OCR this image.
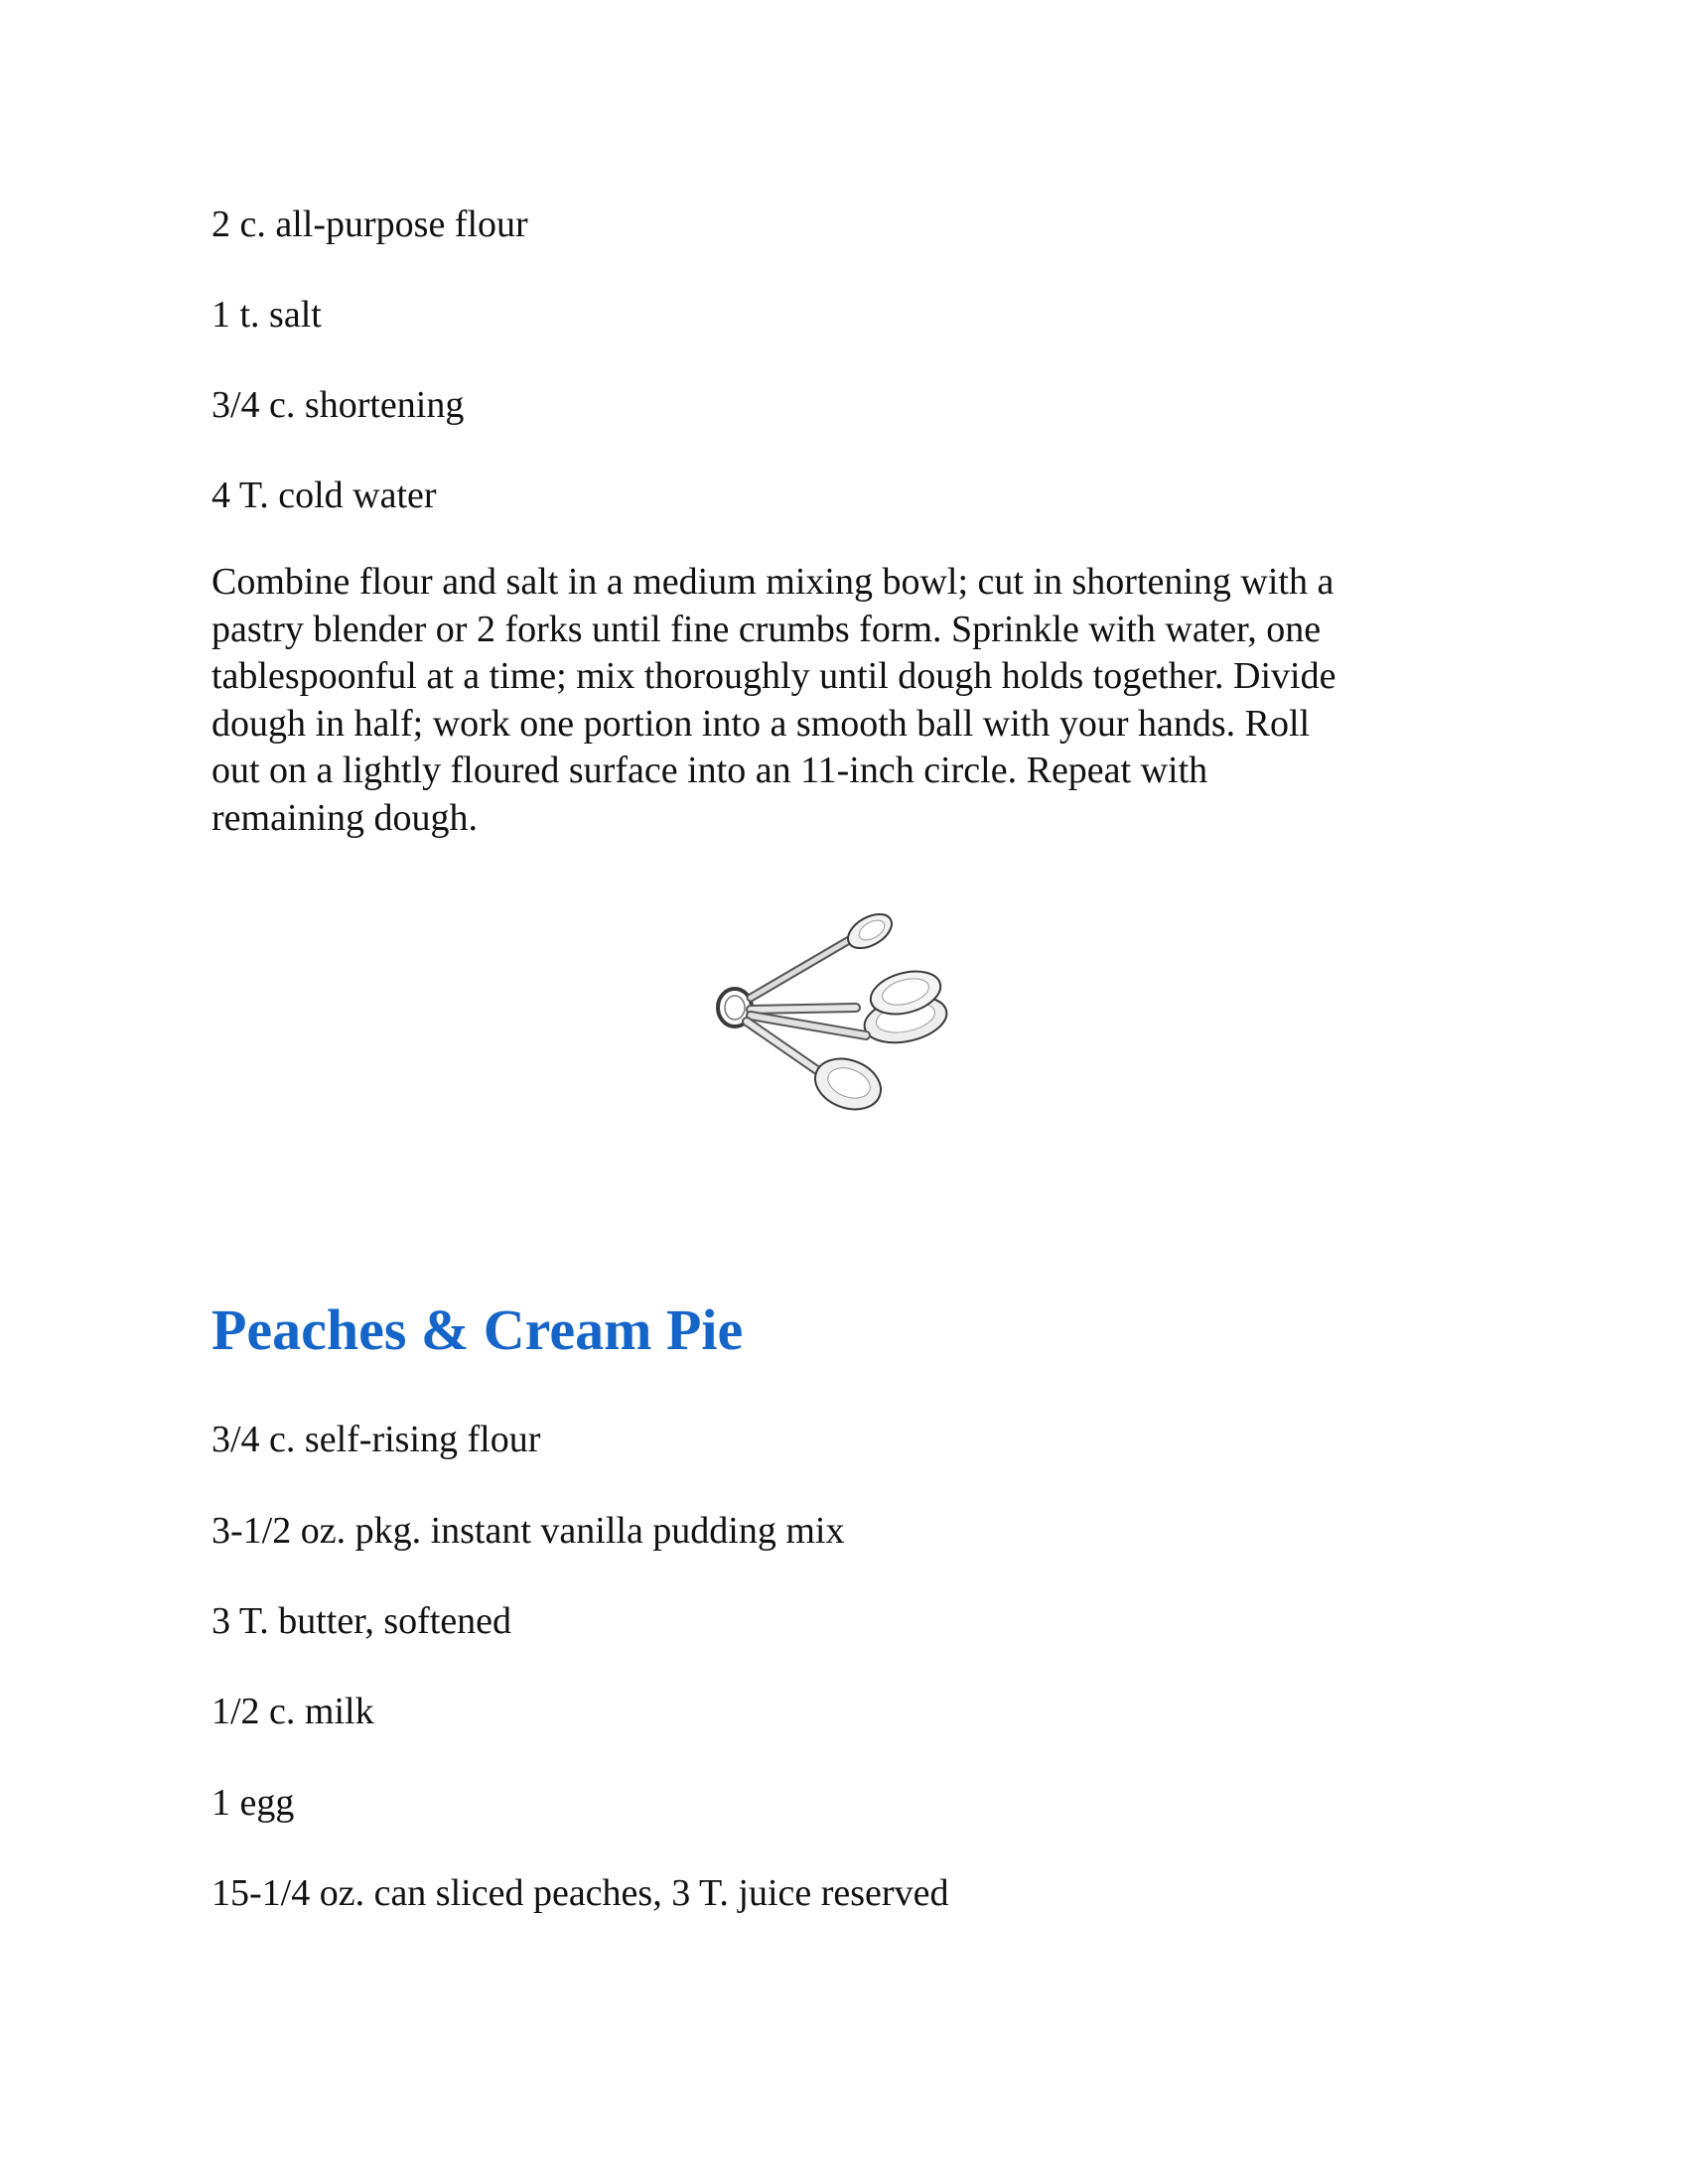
2 c. all-purpose flour
1 t. salt
3/4 c. shortening
4 T. cold water
Combine flour and salt in a medium mixing bowl; cut in shortening with a
pastry blender or 2 forks until fine crumbs form. Sprinkle with water, one
tablespoonful at a time; mix thoroughly until dough holds together. Divide
dough in half; work one portion into a smooth ball with your hands. Roll
out on a lightly floured surface into an 11-inch circle. Repeat with
remaining dough.
Peaches & Cream Pie
3/4 c. self-rising flour
3-1/2 oz. pkg. instant vanilla pudding mix
3 T. butter, softened
1/2 c. milk
1 egg
15-1/4 oz. can sliced peaches, 3 T. juice reserved
